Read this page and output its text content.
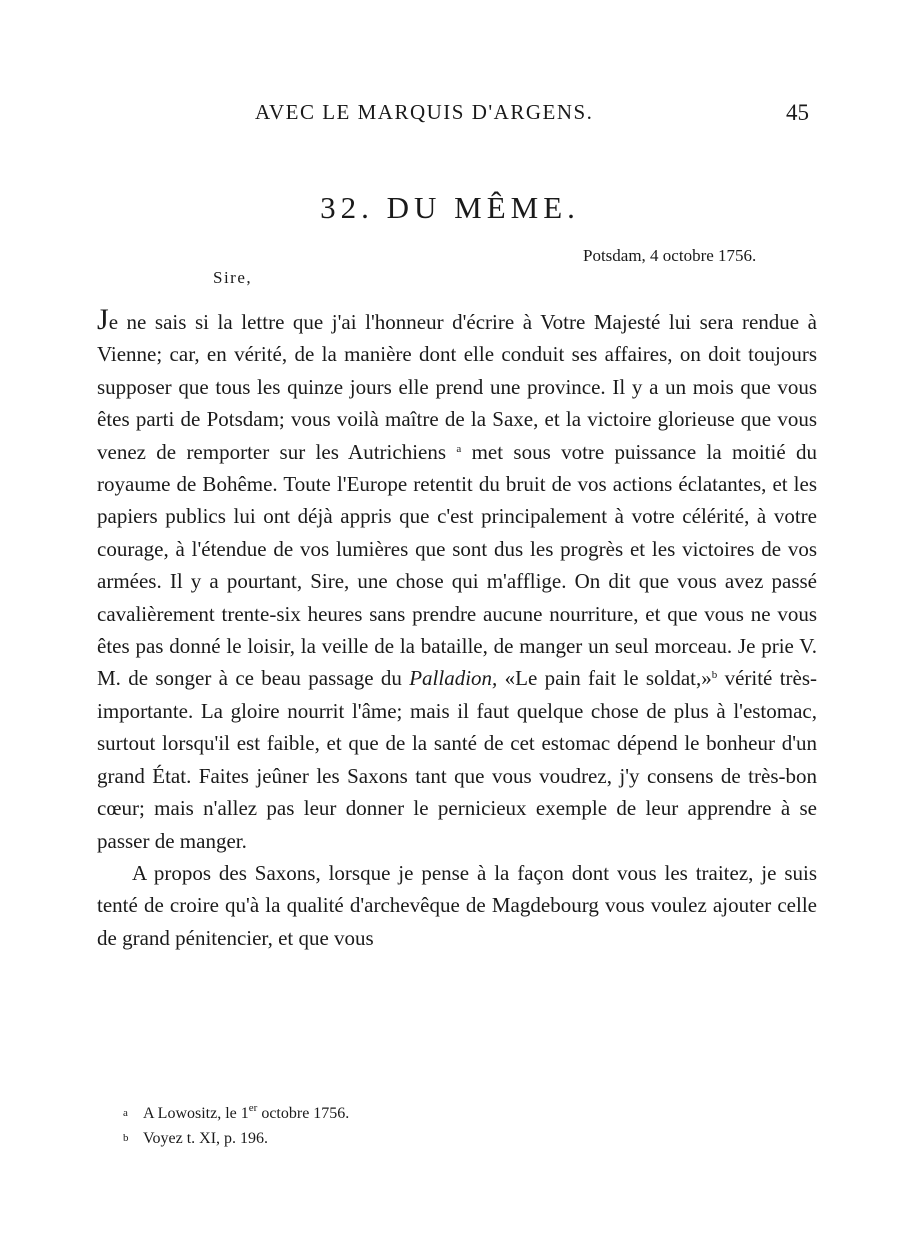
AVEC LE MARQUIS D'ARGENS.	45
32. DU MÊME.
Potsdam, 4 octobre 1756.
Sire,

Je ne sais si la lettre que j'ai l'honneur d'écrire à Votre Majesté lui sera rendue à Vienne; car, en vérité, de la manière dont elle conduit ses affaires, on doit toujours supposer que tous les quinze jours elle prend une province. Il y a un mois que vous êtes parti de Potsdam; vous voilà maître de la Saxe, et la victoire glorieuse que vous venez de remporter sur les Autrichiens $^a$ met sous votre puissance la moitié du royaume de Bohême. Toute l'Europe retentit du bruit de vos actions éclatantes, et les papiers publics lui ont déjà appris que c'est principalement à votre célérité, à votre courage, à l'étendue de vos lumières que sont dus les progrès et les victoires de vos armées. Il y a pourtant, Sire, une chose qui m'afflige. On dit que vous avez passé cavalièrement trente-six heures sans prendre aucune nourriture, et que vous ne vous êtes pas donné le loisir, la veille de la bataille, de manger un seul morceau. Je prie V. M. de songer à ce beau passage du Palladion, «Le pain fait le soldat,»$^b$ vérité très-importante. La gloire nourrit l'âme; mais il faut quelque chose de plus à l'estomac, surtout lorsqu'il est faible, et que de la santé de cet estomac dépend le bonheur d'un grand État. Faites jeûner les Saxons tant que vous voudrez, j'y consens de très-bon cœur; mais n'allez pas leur donner le pernicieux exemple de leur apprendre à se passer de manger.

A propos des Saxons, lorsque je pense à la façon dont vous les traitez, je suis tenté de croire qu'à la qualité d'archevêque de Magdebourg vous voulez ajouter celle de grand pénitencier, et que vous

a A Lowositz, le 1er octobre 1756.
b Voyez t. XI, p. 196.
